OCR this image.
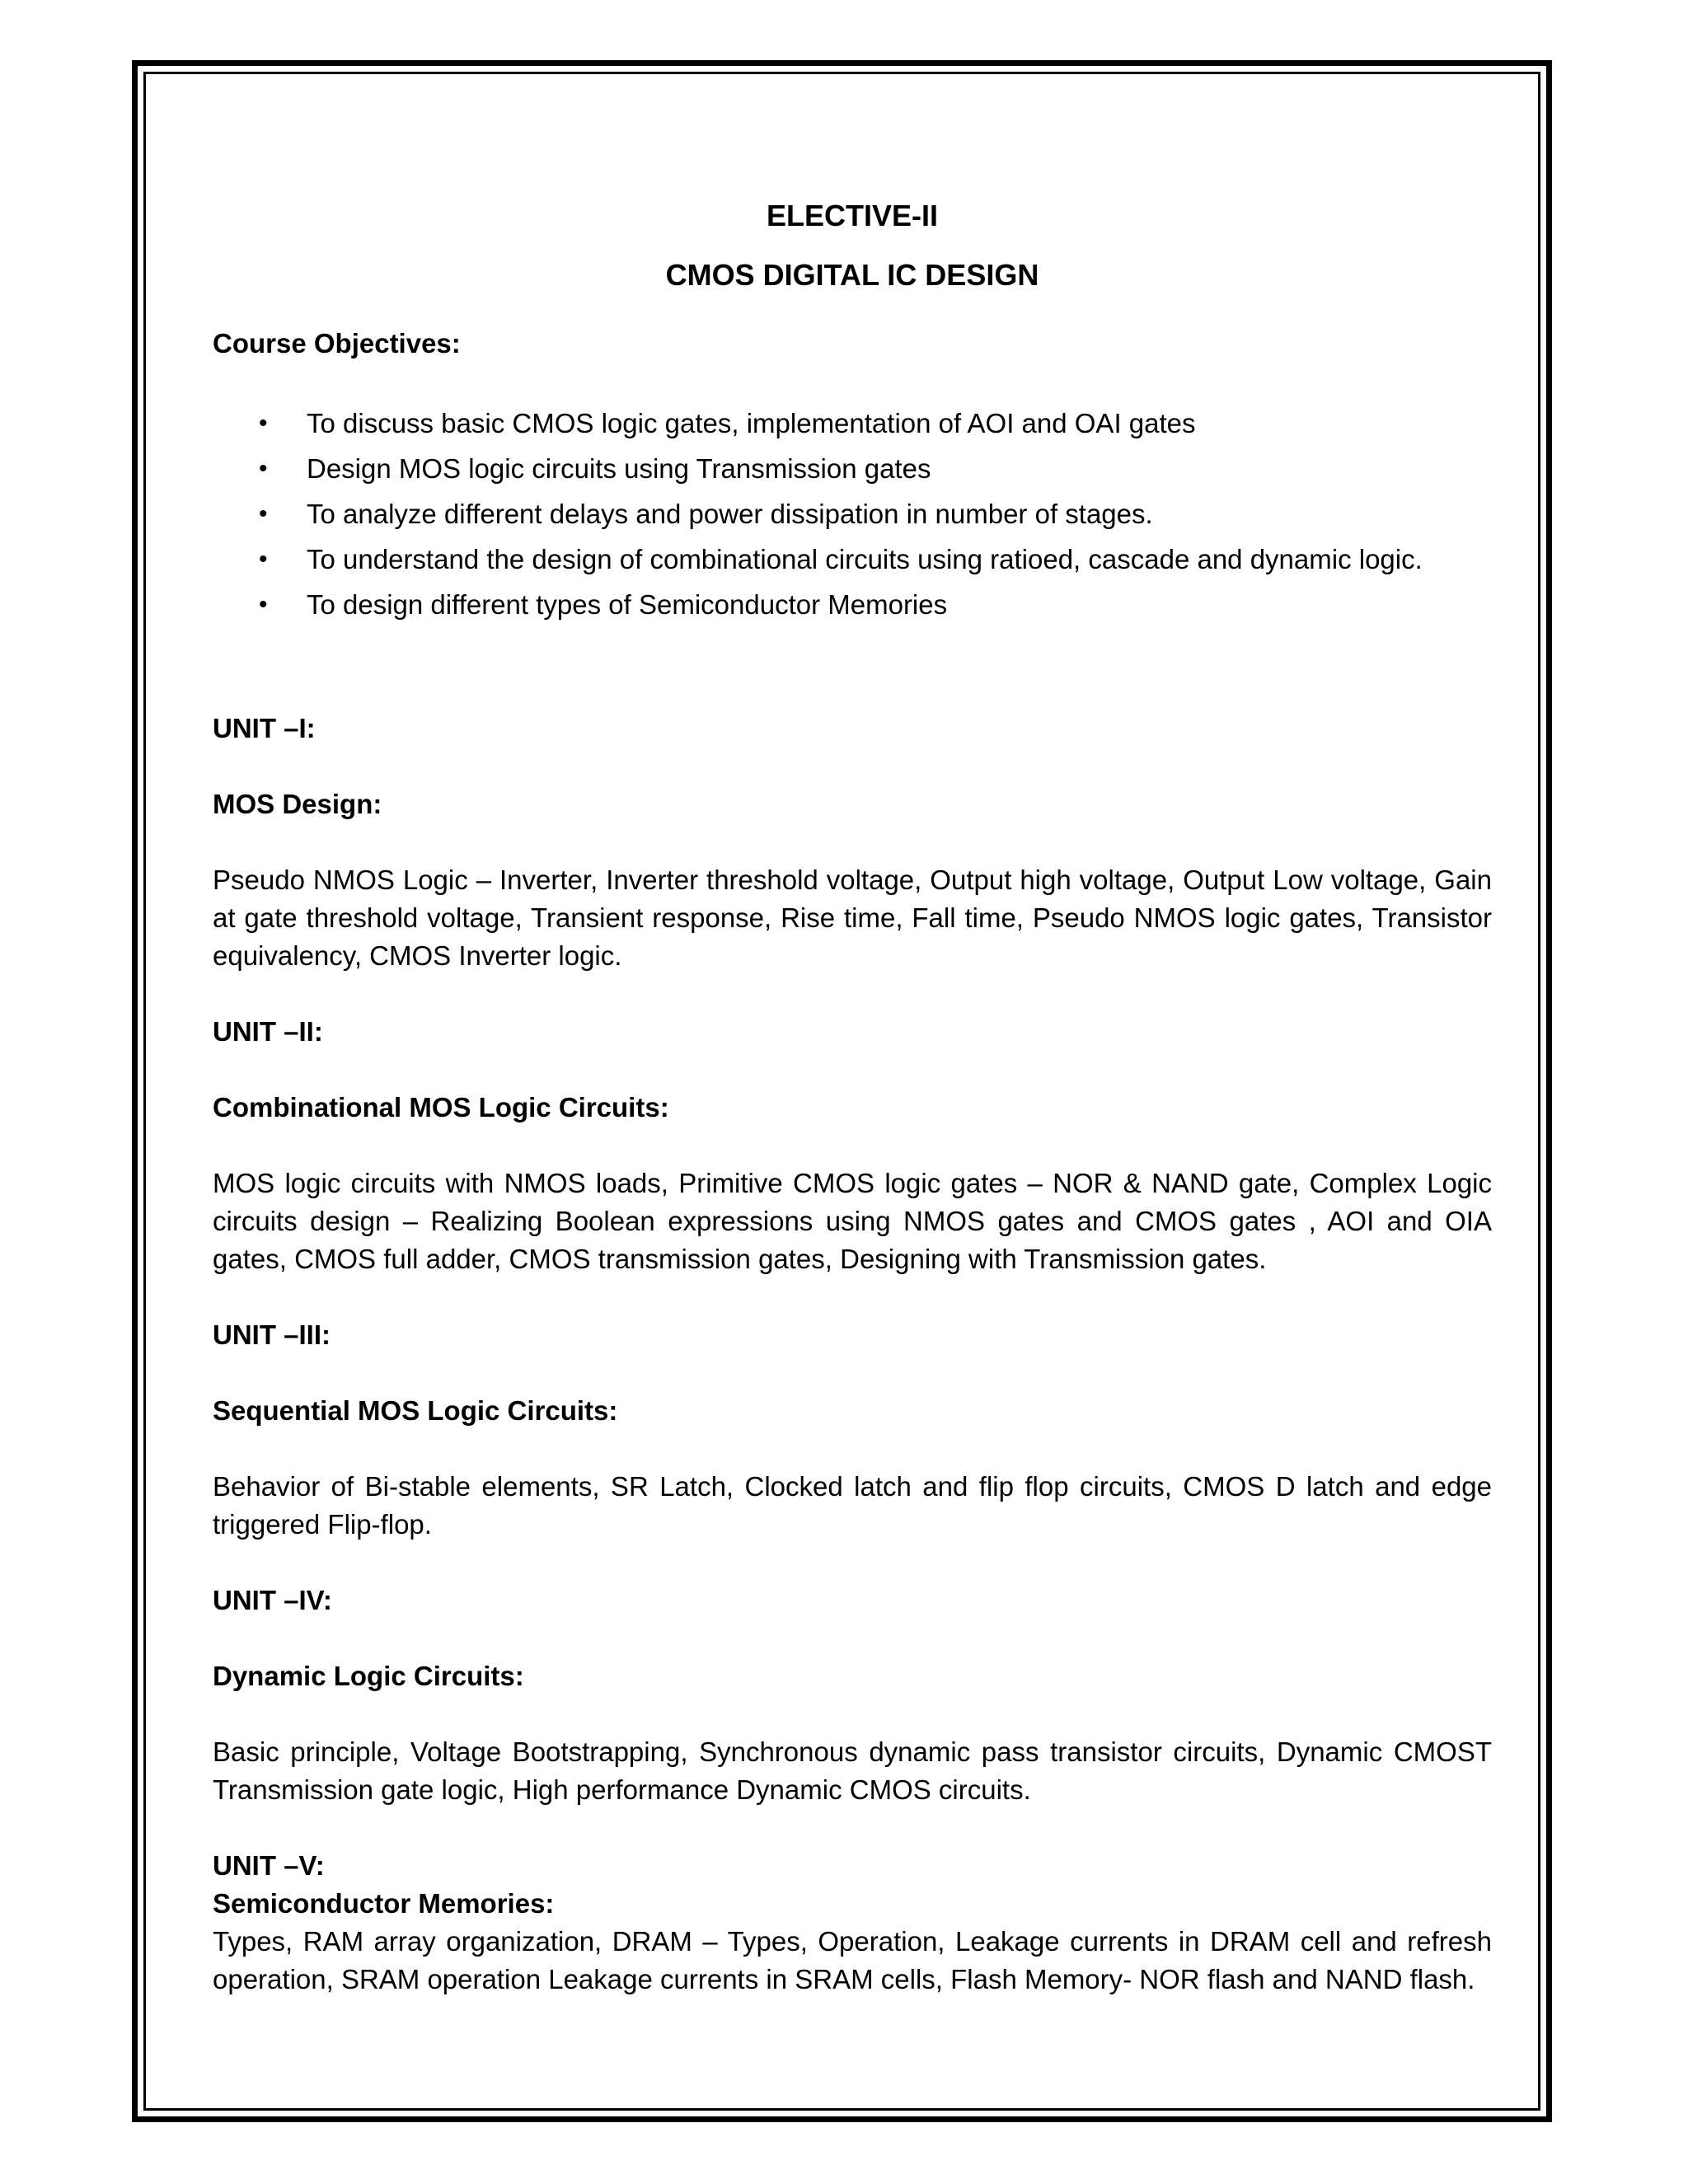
ELECTIVE-II

CMOS DIGITAL IC DESIGN

Course Objectives:

• To discuss basic CMOS logic gates, implementation of AOI and OAI gates
• Design MOS logic circuits using Transmission gates
• To analyze different delays and power dissipation in number of stages.
• To understand the design of combinational circuits using ratioed, cascade and dynamic logic.
• To design different types of Semiconductor Memories

UNIT –I:

MOS Design:

Pseudo NMOS Logic – Inverter, Inverter threshold voltage, Output high voltage, Output Low voltage, Gain at gate threshold voltage, Transient response, Rise time, Fall time, Pseudo NMOS logic gates, Transistor equivalency, CMOS Inverter logic.

UNIT –II:

Combinational MOS Logic Circuits:

MOS logic circuits with NMOS loads, Primitive CMOS logic gates – NOR & NAND gate, Complex Logic circuits design – Realizing Boolean expressions using NMOS gates and CMOS gates , AOI and OIA gates, CMOS full adder, CMOS transmission gates, Designing with Transmission gates.

UNIT –III:

Sequential MOS Logic Circuits:

Behavior of Bi-stable elements, SR Latch, Clocked latch and flip flop circuits, CMOS D latch and edge triggered Flip-flop.

UNIT –IV:

Dynamic Logic Circuits:

Basic principle, Voltage Bootstrapping, Synchronous dynamic pass transistor circuits, Dynamic CMOST Transmission gate logic, High performance Dynamic CMOS circuits.

UNIT –V:

Semiconductor Memories:

Types, RAM array organization, DRAM – Types, Operation, Leakage currents in DRAM cell and refresh operation, SRAM operation Leakage currents in SRAM cells, Flash Memory- NOR flash and NAND flash.
